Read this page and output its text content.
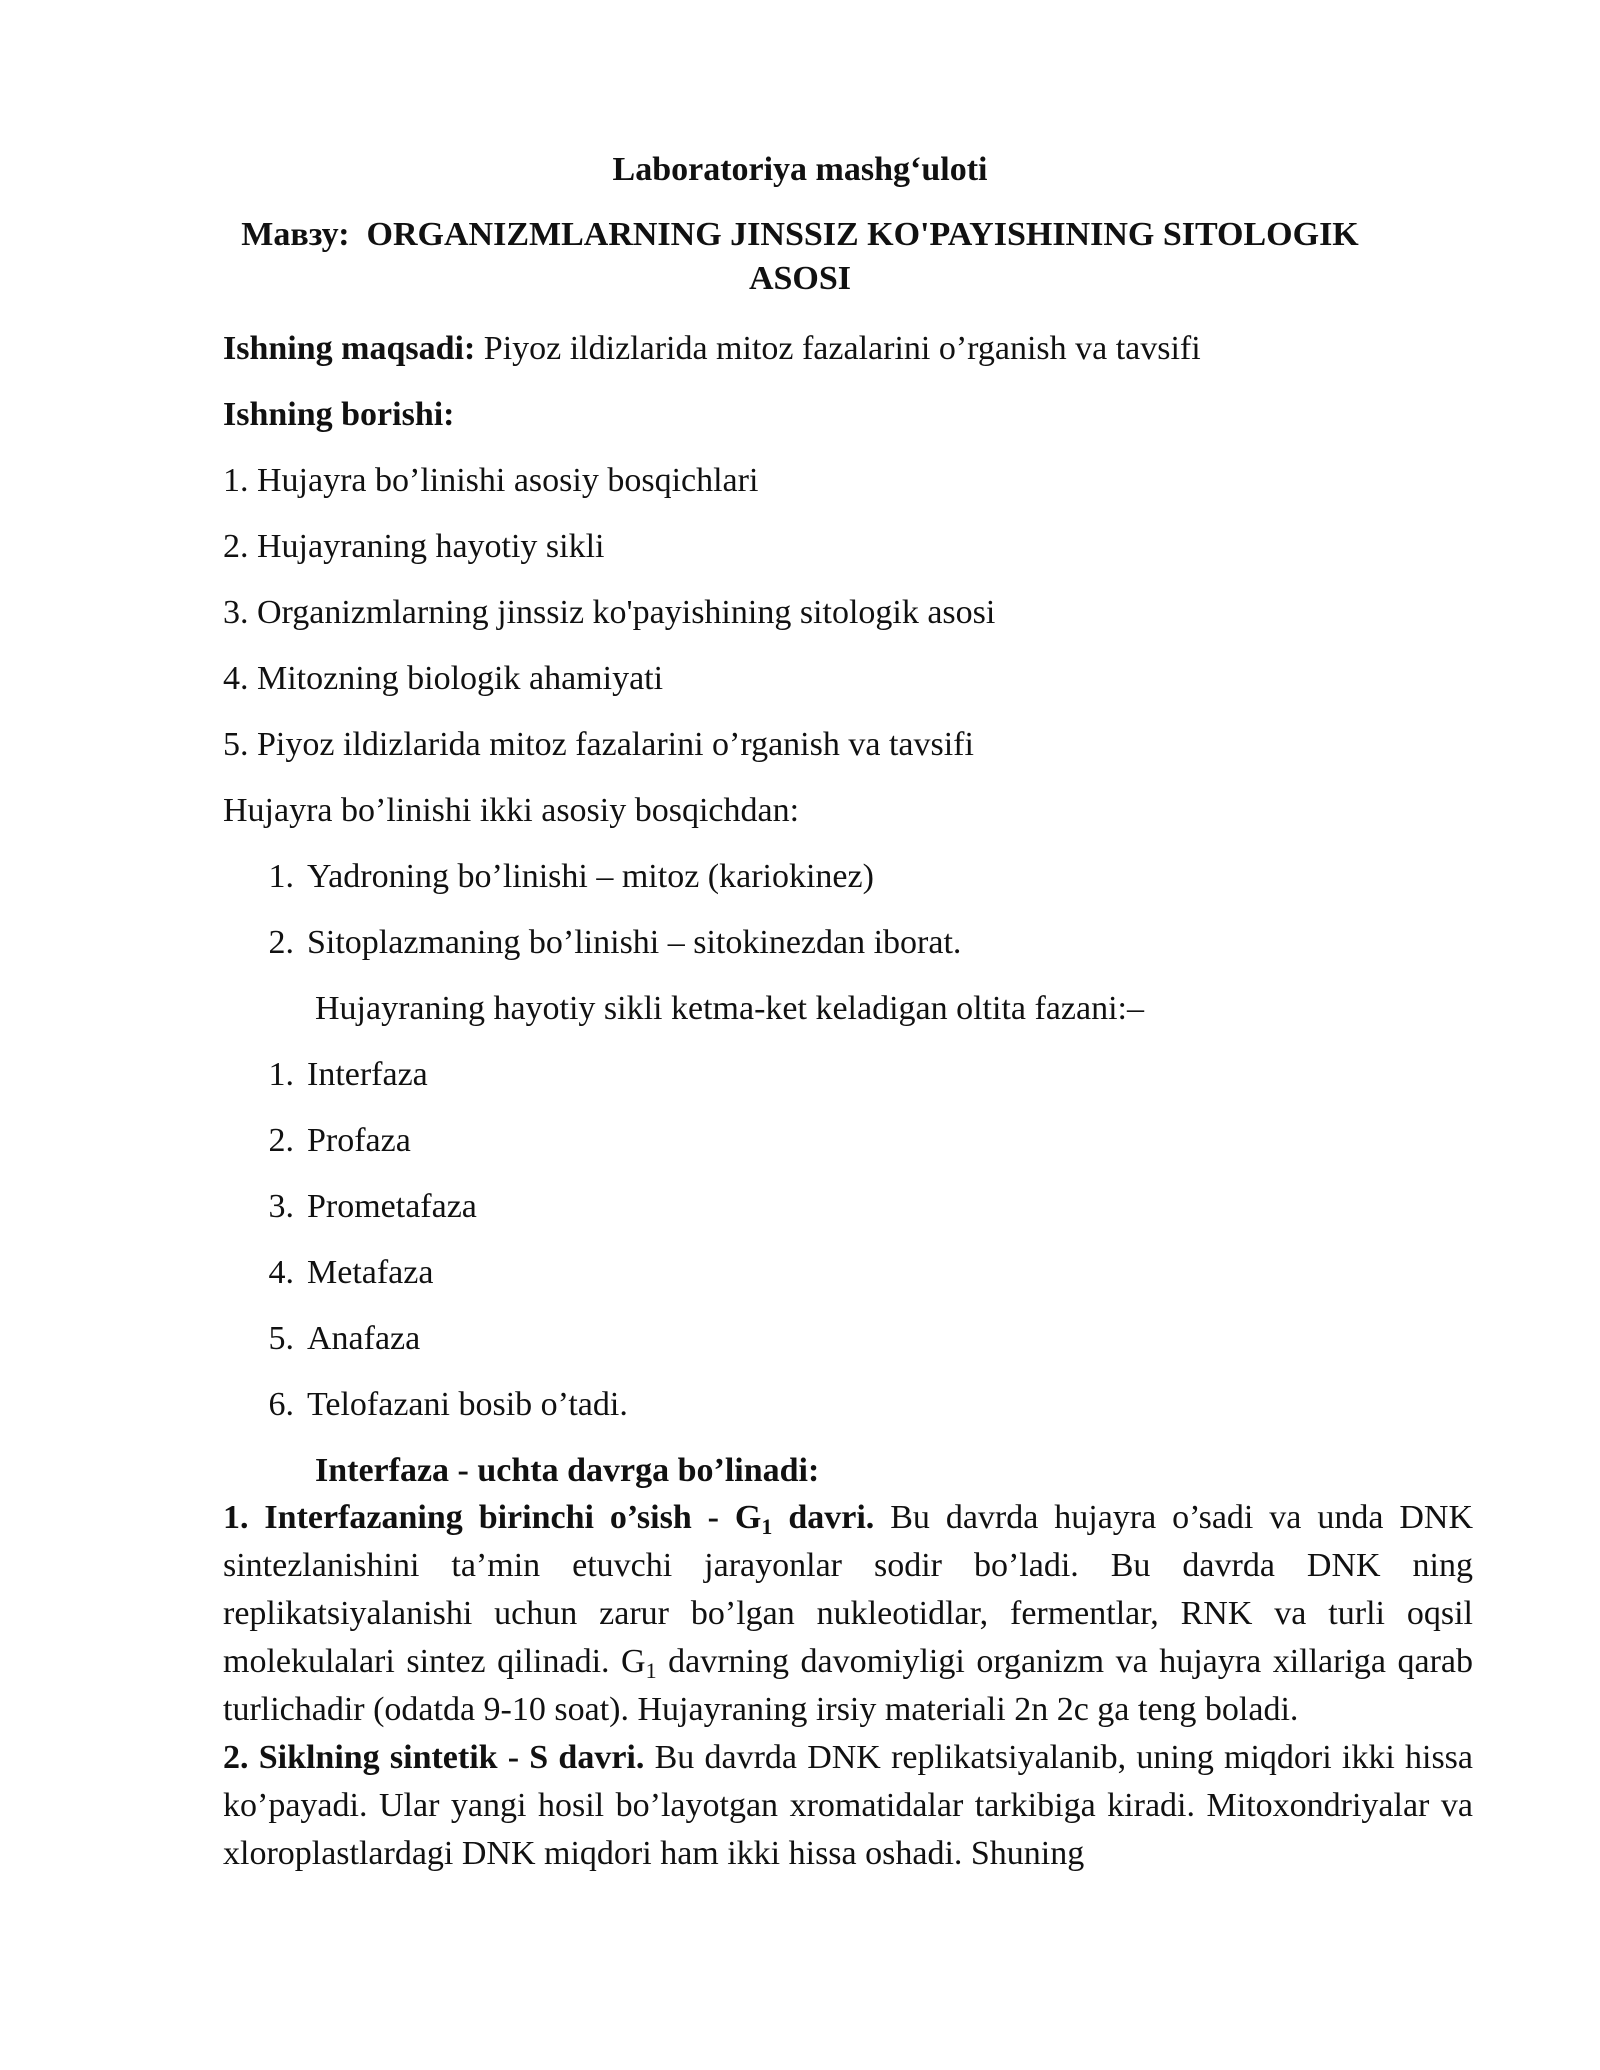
Laboratoriya mashg‘uloti
Мавзу: ORGANIZMLARNING JINSSIZ KO'PAYISHINING SITOLOGIK
ASOSI
Ishning maqsadi: Piyoz ildizlarida mitoz fazalarini o’rganish va tavsifi
Ishning borishi:
1. Hujayra bo’linishi asosiy bosqichlari
2. Hujayraning hayotiy sikli
3. Organizmlarning jinssiz ko'payishining sitologik asosi
4. Mitozning biologik ahamiyati
5. Piyoz ildizlarida mitoz fazalarini o’rganish va tavsifi
Hujayra bo’linishi ikki asosiy bosqichdan:
1. Yadroning bo’linishi – mitoz (kariokinez)
2. Sitoplazmaning bo’linishi – sitokinezdan iborat.
Hujayraning hayotiy sikli ketma-ket keladigan oltita fazani:–
1. Interfaza
2. Profaza
3. Prometafaza
4. Metafaza
5. Anafaza
6. Telofazani bosib o’tadi.
Interfaza - uchta davrga bo’linadi:
1. Interfazaning birinchi o’sish - $G_1$ davri. Bu davrda hujayra o’sadi va unda DNK sintezlanishini ta’min etuvchi jarayonlar sodir bo’ladi. Bu davrda DNK ning replikatsiyalanishi uchun zarur bo’lgan nukleotidlar, fermentlar, RNK va turli oqsil molekulalari sintez qilinadi. $G_1$ davrning davomiyligi organizm va hujayra xillariga qarab turlichadir (odatda 9-10 soat). Hujayraning irsiy materiali 2n 2c ga teng boladi.
2. Siklning sintetik - S davri. Bu davrda DNK replikatsiyalanib, uning miqdori ikki hissa ko’payadi. Ular yangi hosil bo’layotgan xromatidalar tarkibiga kiradi. Mitoxondriyalar va xloroplastlardagi DNK miqdori ham ikki hissa oshadi. Shuning
